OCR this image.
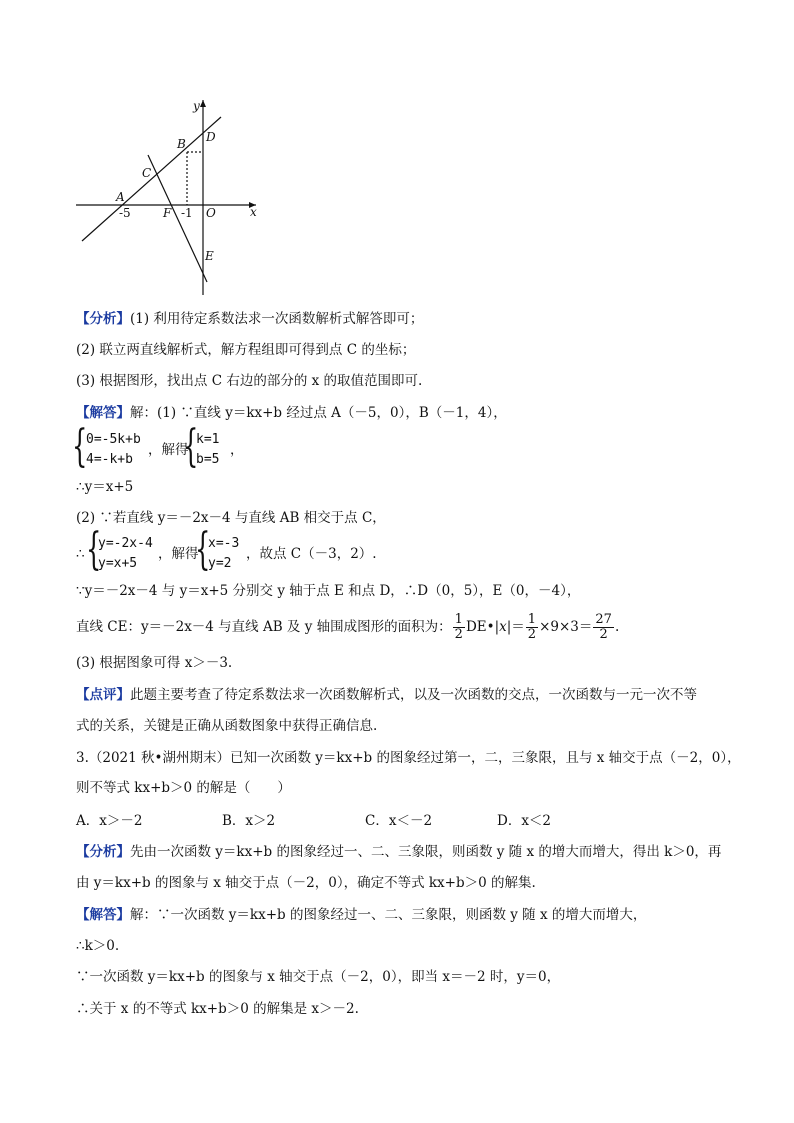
y
x
D
B
C
A
F	O
E
-5	-1
【分析】(1) 利用待定系数法求一次函数解析式解答即可；
(2) 联立两直线解析式，解方程组即可得到点 C 的坐标；
(3) 根据图形，找出点 C 右边的部分的 x 的取值范围即可.
【解答】解：(1) ∵直线 y＝kx+b 经过点 A（－5，0），B（－1，4），
{
0=-5k+b
4=-k+b
，解得
{
k=1
b=5
，
∴y＝x+5
(2) ∵若直线 y＝－2x－4 与直线 AB 相交于点 C，
∴ {
y=-2x-4
y=x+5
，解得
{
x=-3
y=2
，故点 C（－3，2）.
∵y＝－2x－4 与 y＝x+5 分别交 y 轴于点 E 和点 D，∴D（0，5），E（0，－4），
直线 CE：y＝－2x－4 与直线 AB 及 y 轴围成图形的面积为： $\frac{1}{2}$ DE•|𝑥|＝ $\frac{1}{2} \times 9\times 3= \frac{27}{2}$ .
(3) 根据图象可得 x＞－3.
【点评】此题主要考查了待定系数法求一次函数解析式，以及一次函数的交点，一次函数与一元一次不等
式的关系，关键是正确从函数图象中获得正确信息.
3.（2021 秋•湖州期末）已知一次函数 y＝kx+b 的图象经过第一，二，三象限，且与 x 轴交于点（－2，0），
则不等式 kx+b＞0 的解是（　　）
A．x＞－2	B．x＞2	C．x＜－2	D．x＜2
【分析】先由一次函数 y＝kx+b 的图象经过一、二、三象限，则函数 y 随 x 的增大而增大，得出 k＞0，再
由 y＝kx+b 的图象与 x 轴交于点（－2，0），确定不等式 kx+b＞0 的解集.
【解答】解：∵一次函数 y＝kx+b 的图象经过一、二、三象限，则函数 y 随 x 的增大而增大，
∴k＞0.
∵一次函数 y＝kx+b 的图象与 x 轴交于点（－2，0），即当 x＝－2 时，y＝0，
∴关于 x 的不等式 kx+b＞0 的解集是 x＞－2.
